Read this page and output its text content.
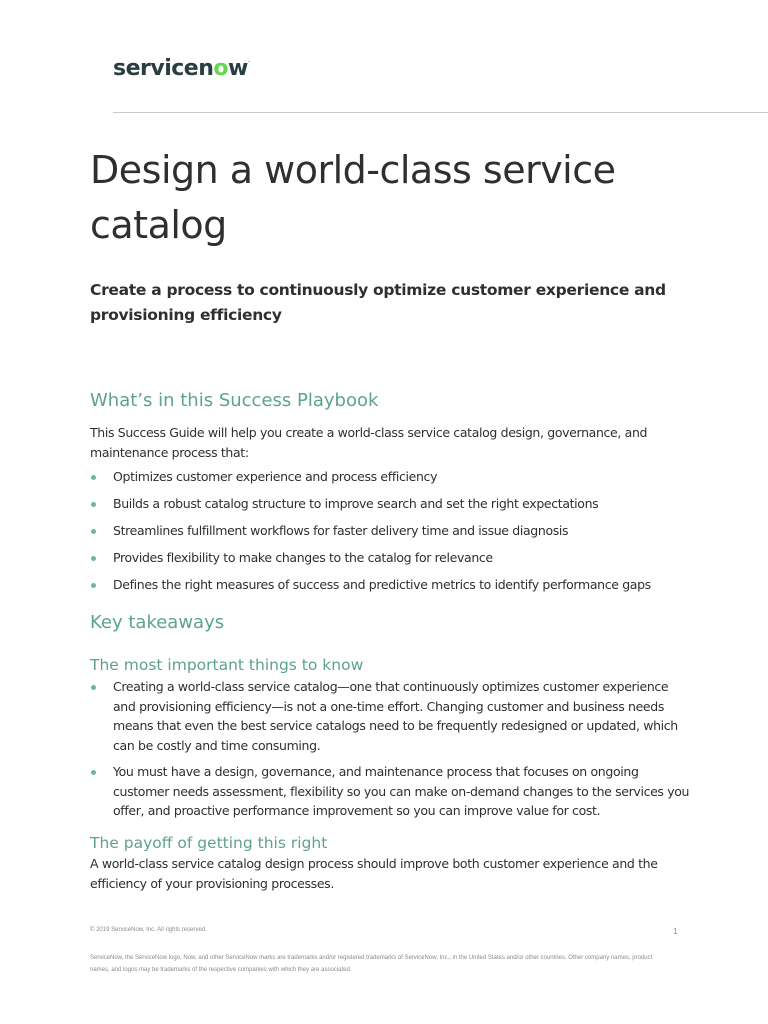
servicenow.
Design a world-class service catalog

Create a process to continuously optimize customer experience and provisioning efficiency

What’s in this Success Playbook

This Success Guide will help you create a world-class service catalog design, governance, and maintenance process that:

Optimizes customer experience and process efficiency
Builds a robust catalog structure to improve search and set the right expectations
Streamlines fulfillment workflows for faster delivery time and issue diagnosis
Provides flexibility to make changes to the catalog for relevance
Defines the right measures of success and predictive metrics to identify performance gaps
Key takeaways
The most important things to know
Creating a world-class service catalog—one that continuously optimizes customer experience and provisioning efficiency—is not a one-time effort. Changing customer and business needs means that even the best service catalogs need to be frequently redesigned or updated, which can be costly and time consuming.
You must have a design, governance, and maintenance process that focuses on ongoing customer needs assessment, flexibility so you can make on-demand changes to the services you offer, and proactive performance improvement so you can improve value for cost.
The payoff of getting this right

A world-class service catalog design process should improve both customer experience and the efficiency of your provisioning processes.

© 2019 ServiceNow, Inc. All rights reserved.	1

ServiceNow, the ServiceNow logo, Now, and other ServiceNow marks are trademarks and/or registered trademarks of ServiceNow, Inc., in the United States and/or other countries. Other company names, product names, and logos may be trademarks of the respective companies with which they are associated.
